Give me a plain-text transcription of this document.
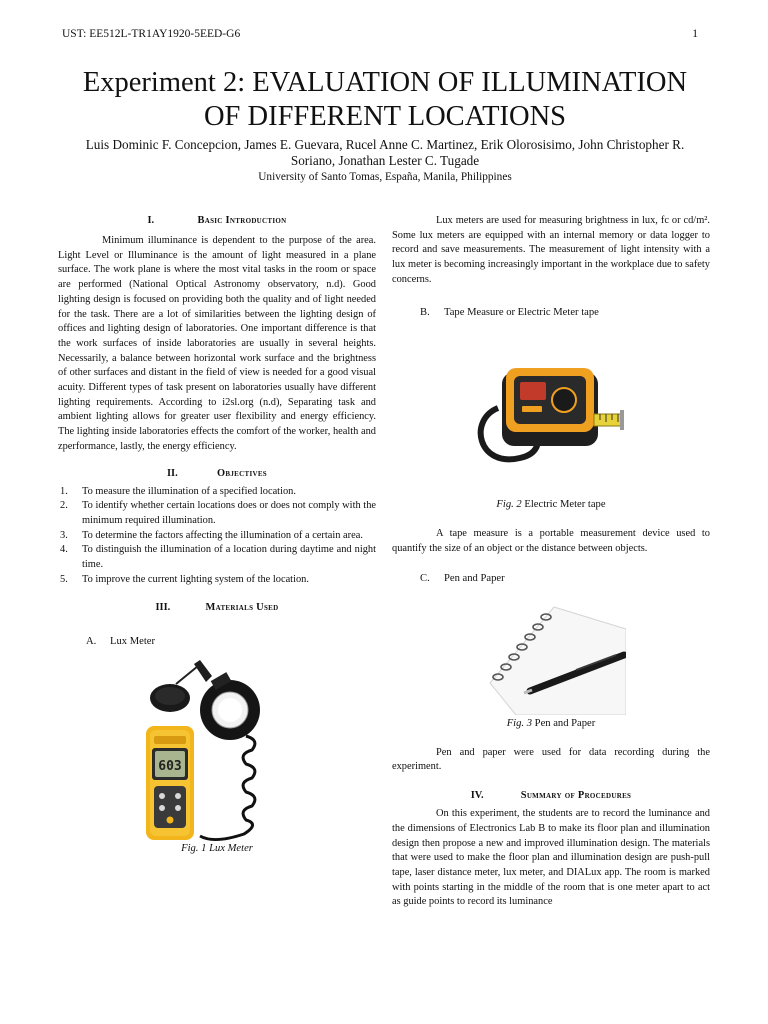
UST: EE512L-TR1AY1920-5EED-G6	1
Experiment 2: EVALUATION OF ILLUMINATION
OF DIFFERENT LOCATIONS
Luis Dominic F. Concepcion, James E. Guevara, Rucel Anne C. Martinez, Erik Olorosisimo, John Christopher R.
Soriano, Jonathan Lester C. Tugade
University of Santo Tomas, España, Manila, Philippines
I.	Basic Introduction

Minimum illuminance is dependent to the purpose of the area. Light Level or Illuminance is the amount of light measured in a plane surface. The work plane is where the most vital tasks in the room or space are performed (National Optical Astronomy observatory, n.d). Good lighting design is focused on providing both the quality and of light needed for the task. There are a lot of similarities between the lighting design of offices and lighting design of laboratories. One important difference is that the work surfaces of inside laboratories are usually in several heights. Necessarily, a balance between horizontal work surface and the brightness of other surfaces and distant in the field of view is needed for a good visual acuity. Different types of task present on laboratories usually have different lighting requirements. According to i2sl.org (n.d), Separating task and ambient lighting allows for greater user flexibility and energy efficiency. The lighting inside laboratories effects the comfort of the worker, health and zperformance, lastly, the energy efficiency.

II.	Objectives
1. To measure the illumination of a specified location.
2. To identify whether certain locations does or does not comply with the minimum required illumination.
3. To determine the factors affecting the illumination of a certain area.
4. To distinguish the illumination of a location during daytime and night time.
5. To improve the current lighting system of the location.
III.	Materials Used

A. Lux Meter

603

Fig. 1 Lux Meter

Lux meters are used for measuring brightness in lux, fc or cd/m². Some lux meters are equipped with an internal memory or data logger to record and save measurements. The measurement of light intensity with a lux meter is becoming increasingly important in the workplace due to safety concerns.

B. Tape Measure or Electric Meter tape

Fig. 2 Electric Meter tape

A tape measure is a portable measurement device used to quantify the size of an object or the distance between objects.

C. Pen and Paper

Fig. 3 Pen and Paper

Pen and paper were used for data recording during the experiment.

IV.	Summary of Procedures

On this experiment, the students are to record the luminance and the dimensions of Electronics Lab B to make its floor plan and illumination design then propose a new and improved illumination design. The materials that were used to make the floor plan and illumination design are push-pull tape, laser distance meter, lux meter, and DIALux app. The room is marked with points starting in the middle of the room that is one meter apart to act as guide points to record its luminance
